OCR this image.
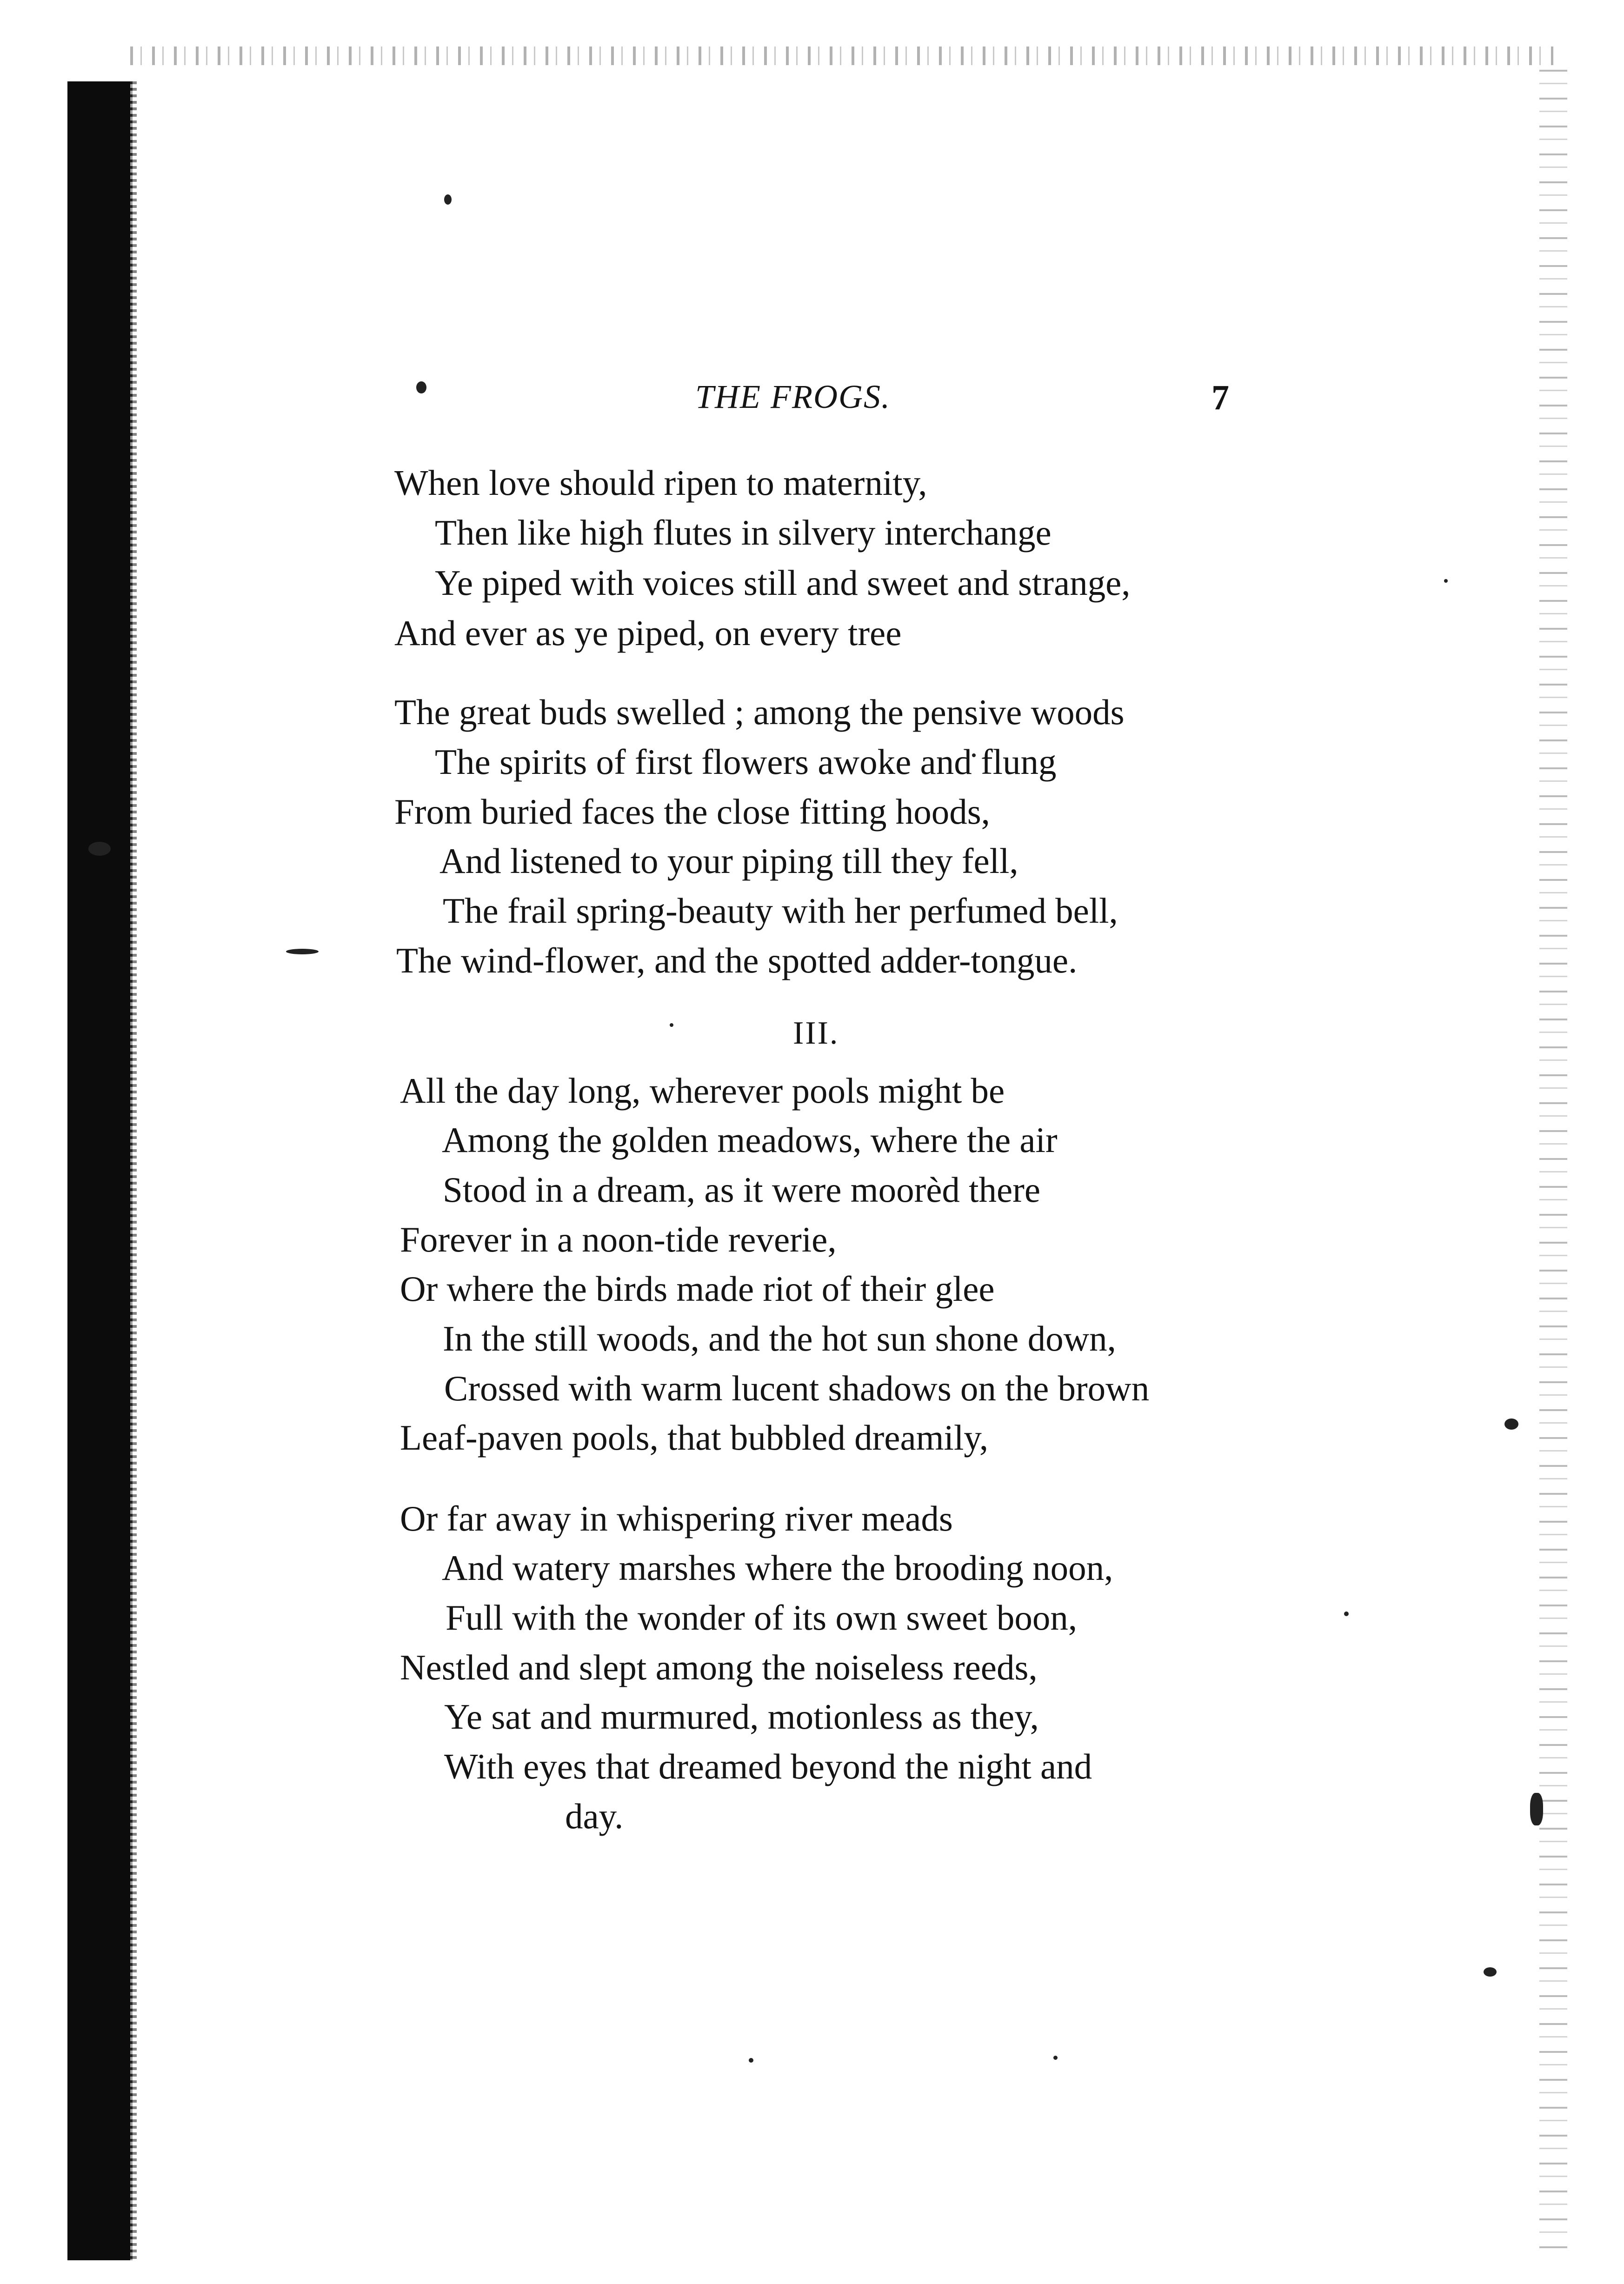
THE FROGS.	7
When love should ripen to maternity,
Then like high flutes in silvery interchange
Ye piped with voices still and sweet and strange,
And ever as ye piped, on every tree
The great buds swelled ; among the pensive woods
The spirits of first flowers awoke and flung
From buried faces the close fitting hoods,
And listened to your piping till they fell,
The frail spring-beauty with her perfumed bell,
The wind-flower, and the spotted adder-tongue.
III.
All the day long, wherever pools might be
Among the golden meadows, where the air
Stood in a dream, as it were moorèd there
Forever in a noon-tide reverie,
Or where the birds made riot of their glee
In the still woods, and the hot sun shone down,
Crossed with warm lucent shadows on the brown
Leaf-paven pools, that bubbled dreamily,
Or far away in whispering river meads
And watery marshes where the brooding noon,
Full with the wonder of its own sweet boon,
Nestled and slept among the noiseless reeds,
Ye sat and murmured, motionless as they,
With eyes that dreamed beyond the night and
day.
